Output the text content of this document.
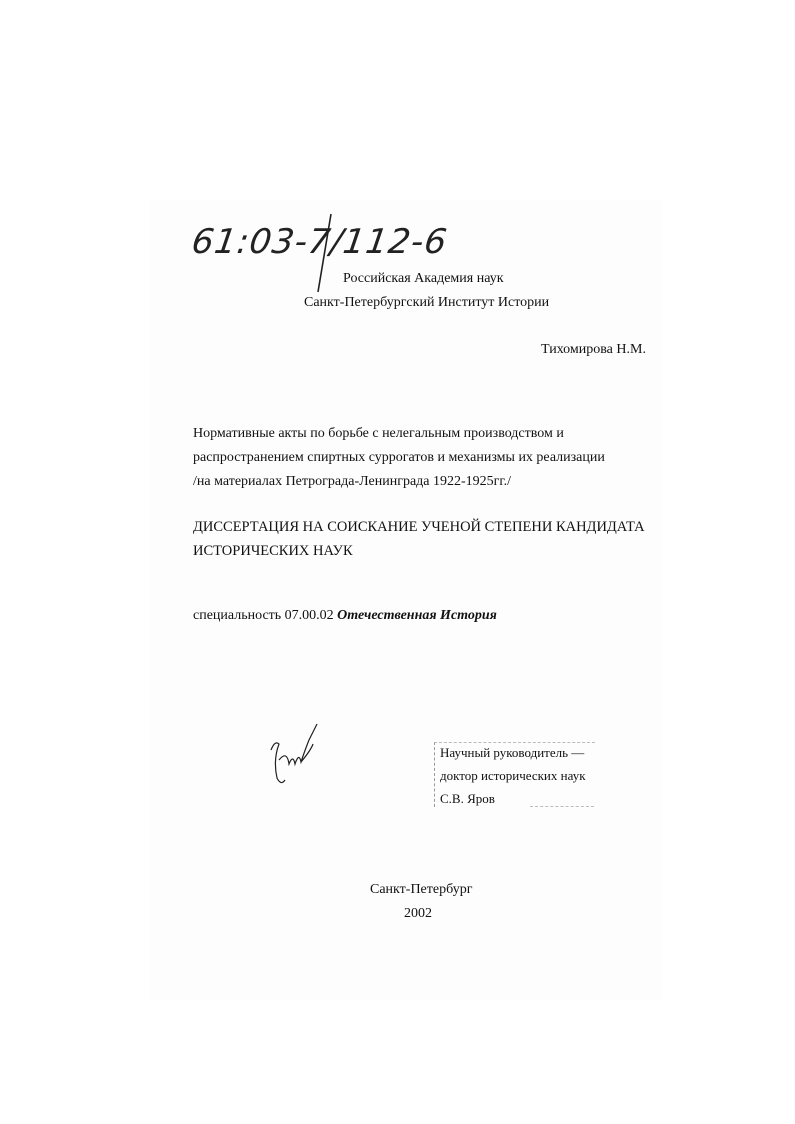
61:03-7/112-6
Российская Академия наук
Санкт-Петербургский Институт Истории
Тихомирова Н.М.
Нормативные акты по борьбе с нелегальным производством и
распространением спиртных суррогатов и механизмы их реализации
/на материалах Петрограда-Ленинграда 1922-1925гг./
ДИССЕРТАЦИЯ НА СОИСКАНИЕ УЧЕНОЙ СТЕПЕНИ КАНДИДАТА
ИСТОРИЧЕСКИХ НАУК
специальность 07.00.02 Отечественная История
Научный руководитель —
доктор исторических наук
С.В. Яров
Санкт-Петербург
2002
